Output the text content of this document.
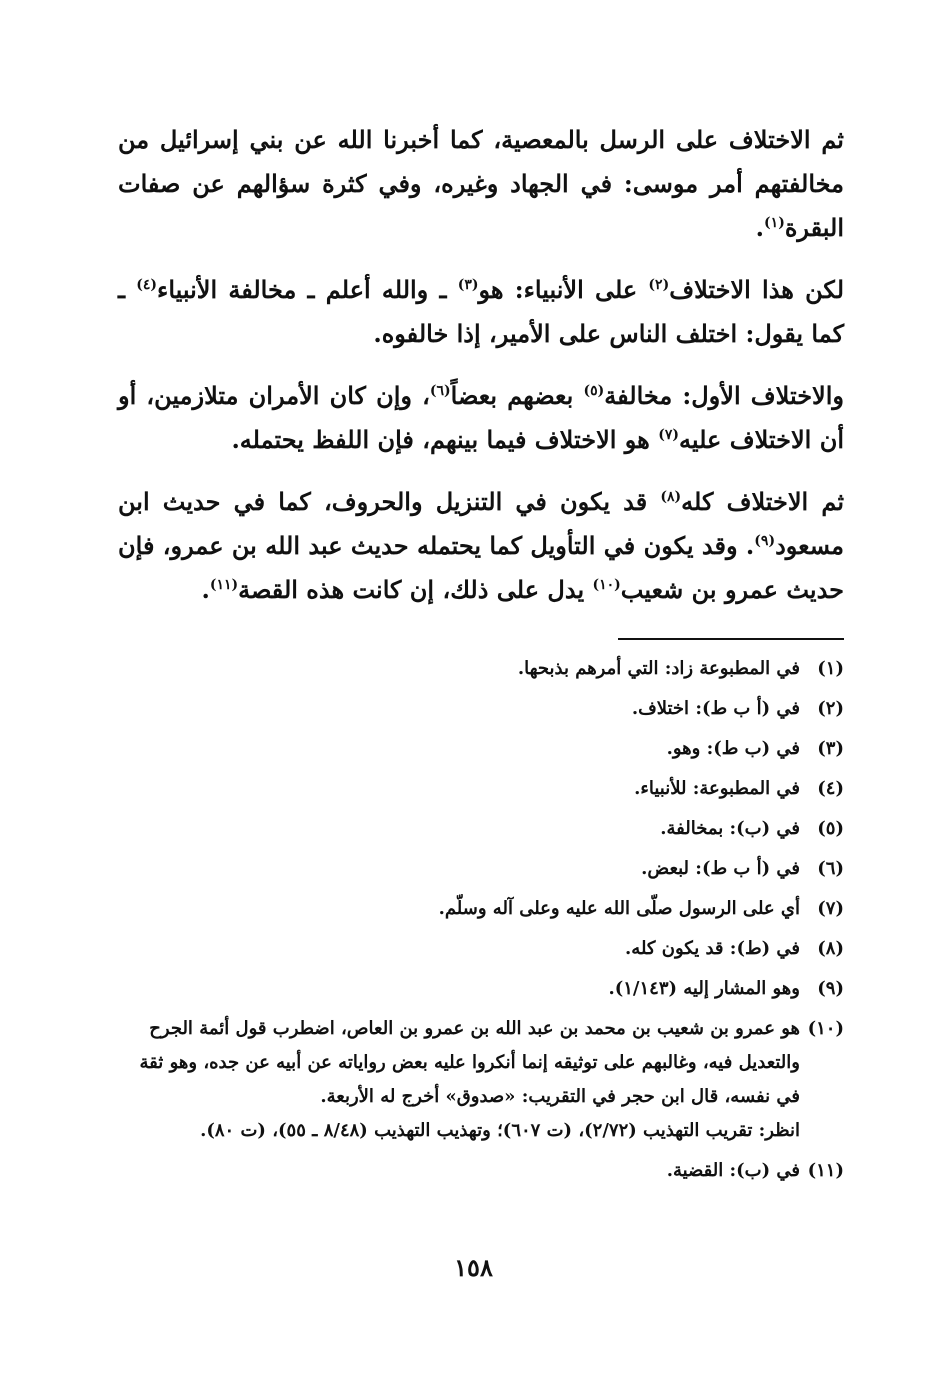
ثم الاختلاف على الرسل بالمعصية، كما أخبرنا الله عن بني إسرائيل من مخالفتهم أمر موسى: في الجهاد وغيره، وفي كثرة سؤالهم عن صفات البقرة$^{(١)}$.

لكن هذا الاختلاف$^{(٢)}$ على الأنبياء: هو$^{(٣)}$ ـ والله أعلم ـ مخالفة الأنبياء$^{(٤)}$ ـ كما يقول: اختلف الناس على الأمير، إذا خالفوه.

والاختلاف الأول: مخالفة$^{(٥)}$ بعضهم بعضاً$^{(٦)}$، وإن كان الأمران متلازمين، أو أن الاختلاف عليه$^{(٧)}$ هو الاختلاف فيما بينهم، فإن اللفظ يحتمله.

ثم الاختلاف كله$^{(٨)}$ قد يكون في التنزيل والحروف، كما في حديث ابن مسعود$^{(٩)}$. وقد يكون في التأويل كما يحتمله حديث عبد الله بن عمرو، فإن حديث عمرو بن شعيب$^{(١٠)}$ يدل على ذلك، إن كانت هذه القصة$^{(١١)}$.

(١)
في المطبوعة زاد: التي أمرهم بذبحها.
(٢)
في (أ ب ط): اختلاف.
(٣)
في (ب ط): وهو.
(٤)
في المطبوعة: للأنبياء.
(٥)
في (ب): بمخالفة.
(٦)
في (أ ب ط): لبعض.
(٧)
أي على الرسول صلّى الله عليه وعلى آله وسلّم.
(٨)
في (ط): قد يكون كله.
(٩)
وهو المشار إليه (١/١٤٣).
(١٠)
هو عمرو بن شعيب بن محمد بن عبد الله بن عمرو بن العاص، اضطرب قول أئمة الجرح والتعديل فيه، وغالبهم على توثيقه إنما أنكروا عليه بعض رواياته عن أبيه عن جده، وهو ثقة في نفسه، قال ابن حجر في التقريب: «صدوق» أخرج له الأربعة.
انظر: تقريب التهذيب (٢/٧٢)، (ت ٦٠٧)؛ وتهذيب التهذيب (٨/٤٨ ـ ٥٥)، (ت ٨٠).
(١١)
في (ب): القضية.
١٥٨
